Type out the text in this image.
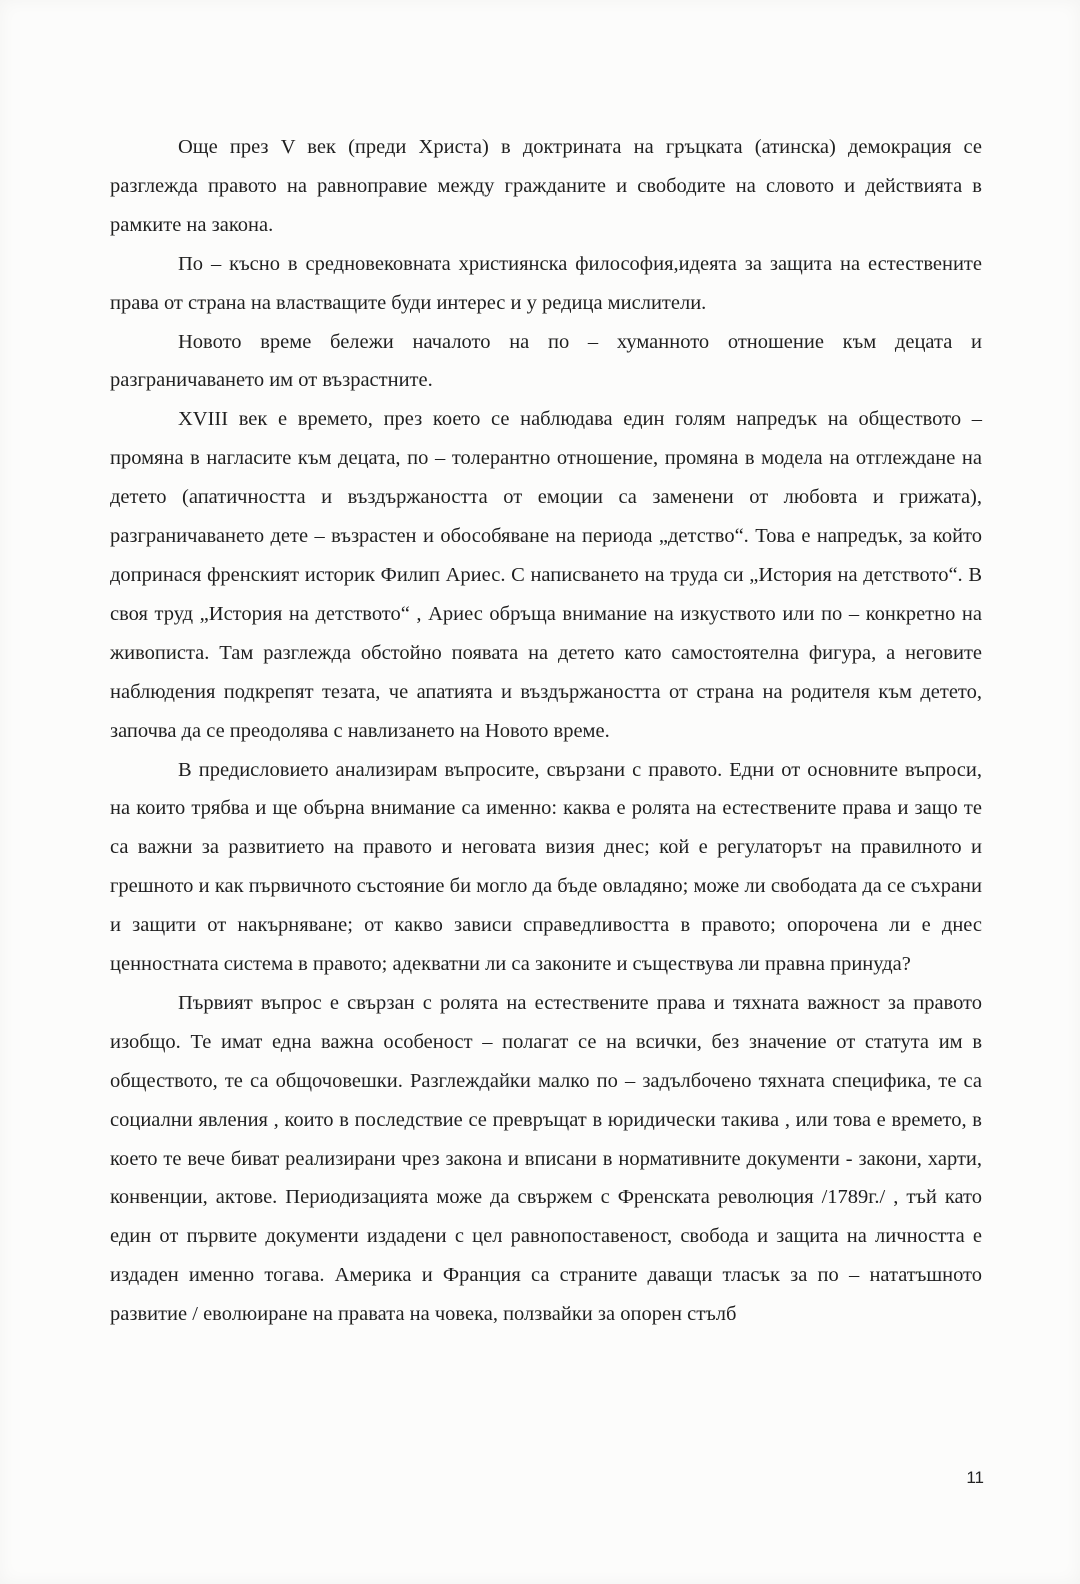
Още през V век (преди Христа) в доктрината на гръцката (атинска) демокрация се разглежда правото на равноправие между гражданите и свободите на словото и действията в рамките на закона.

По – късно в средновековната християнска философия,идеята за защита на естествените права от страна на властващите буди интерес и у редица мислители.

Новото време бележи началото на по – хуманното отношение към децата и разграничаването им от възрастните.

XVIII век е времето, през което се наблюдава един голям напредък на обществото – промяна в нагласите към децата, по – толерантно отношение, промяна в модела на отглеждане на детето (апатичността и въздържаността от емоции са заменени от любовта и грижата), разграничаването дете – възрастен и обособяване на периода „детство“. Това е напредък, за който допринася френският историк Филип Ариес. С написването на труда си „История на детството“. В своя труд „История на детството“ , Ариес обръща внимание на изкуството или по – конкретно на живописта. Там разглежда обстойно появата на детето като самостоятелна фигура, а неговите наблюдения подкрепят тезата, че апатията и въздържаността от страна на родителя към детето, започва да се преодолява с навлизането на Новото време.

В предисловието анализирам въпросите, свързани с правото. Едни от основните въпроси, на които трябва и ще обърна внимание са именно: каква е ролята на естествените права и защо те са важни за развитието на правото и неговата визия днес; кой е регулаторът на правилното и грешното и как първичното състояние би могло да бъде овладяно; може ли свободата да се съхрани и защити от накърняване; от какво зависи справедливостта в правото; опорочена ли е днес ценностната система в правото; адекватни ли са законите и съществува ли правна принуда?

Първият въпрос е свързан с ролята на естествените права и тяхната важност за правото изобщо. Те имат една важна особеност – полагат се на всички, без значение от статута им в обществото, те са общочовешки. Разглеждайки малко по – задълбочено тяхната специфика, те са социални явления , които в последствие се превръщат в юридически такива , или това е времето, в което те вече биват реализирани чрез закона и вписани в нормативните документи - закони, харти, конвенции, актове. Периодизацията може да свържем с Френската революция /1789г./ , тъй като един от първите документи издадени с цел равнопоставеност, свобода и защита на личността е издаден именно тогава. Америка и Франция са страните даващи тласък за по – нататъшното развитие / еволюиране на правата на човека, ползвайки за опорен стълб

11
